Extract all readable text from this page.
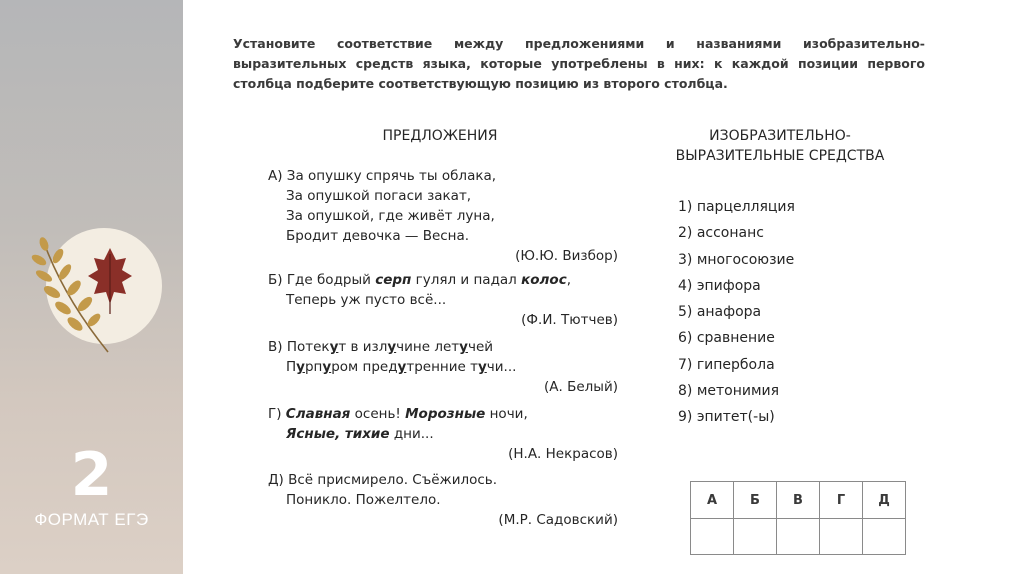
2
ФОРМАТ ЕГЭ
Установите соответствие между предложениями и названиями изобразительно-выразительных средств языка, которые употреблены в них: к каждой позиции первого столбца подберите соответствующую позицию из второго столбца.
ПРЕДЛОЖЕНИЯ	ИЗОБРАЗИТЕЛЬНО-
ВЫРАЗИТЕЛЬНЫЕ СРЕДСТВА
А) За опушку спрячь ты облака,
За опушкой погаси закат,
За опушкой, где живёт луна,
Бродит девочка — Весна.
(Ю.Ю. Визбор)
Б) Где бодрый серп гулял и падал колос,
Теперь уж пусто всё...
(Ф.И. Тютчев)
В) Потекут в излучине летучей
Пурпуром предутренние тучи...
(А. Белый)
Г) Славная осень! Морозные ночи,
Ясные, тихие дни...
(Н.А. Некрасов)
Д) Всё присмирело. Съёжилось.
Поникло. Пожелтело.
(М.Р. Садовский)
1) парцелляция
2) ассонанс
3) многосоюзие
4) эпифора
5) анафора
6) сравнение
7) гипербола
8) метонимия
9) эпитет(-ы)
А	Б	В	Г	Д
